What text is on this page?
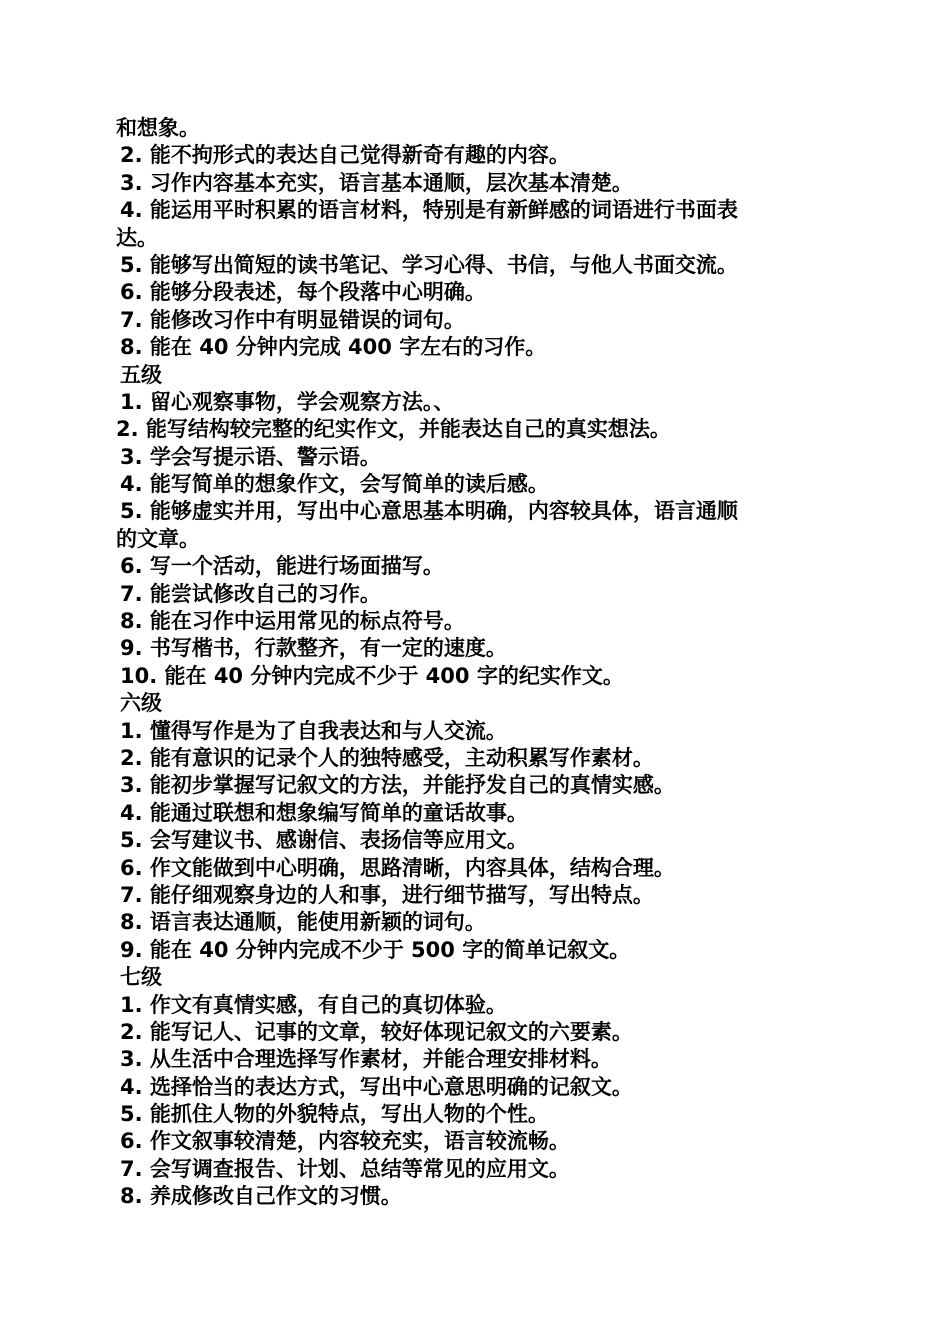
和想象。
2. 能不拘形式的表达自己觉得新奇有趣的内容。
3. 习作内容基本充实，语言基本通顺，层次基本清楚。
4. 能运用平时积累的语言材料，特别是有新鲜感的词语进行书面表
达。
5. 能够写出简短的读书笔记、学习心得、书信，与他人书面交流。
6. 能够分段表述，每个段落中心明确。
7. 能修改习作中有明显错误的词句。
8. 能在 40 分钟内完成 400 字左右的习作。
五级
1. 留心观察事物，学会观察方法。、
2. 能写结构较完整的纪实作文，并能表达自己的真实想法。
3. 学会写提示语、警示语。
4. 能写简单的想象作文，会写简单的读后感。
5. 能够虚实并用，写出中心意思基本明确，内容较具体，语言通顺
的文章。
6. 写一个活动，能进行场面描写。
7. 能尝试修改自己的习作。
8. 能在习作中运用常见的标点符号。
9. 书写楷书，行款整齐，有一定的速度。
10. 能在 40 分钟内完成不少于 400 字的纪实作文。
六级
1. 懂得写作是为了自我表达和与人交流。
2. 能有意识的记录个人的独特感受，主动积累写作素材。
3. 能初步掌握写记叙文的方法，并能抒发自己的真情实感。
4. 能通过联想和想象编写简单的童话故事。
5. 会写建议书、感谢信、表扬信等应用文。
6. 作文能做到中心明确，思路清晰，内容具体，结构合理。
7. 能仔细观察身边的人和事，进行细节描写，写出特点。
8. 语言表达通顺，能使用新颖的词句。
9. 能在 40 分钟内完成不少于 500 字的简单记叙文。
七级
1. 作文有真情实感，有自己的真切体验。
2. 能写记人、记事的文章，较好体现记叙文的六要素。
3. 从生活中合理选择写作素材，并能合理安排材料。
4. 选择恰当的表达方式，写出中心意思明确的记叙文。
5. 能抓住人物的外貌特点，写出人物的个性。
6. 作文叙事较清楚，内容较充实，语言较流畅。
7. 会写调查报告、计划、总结等常见的应用文。
8. 养成修改自己作文的习惯。
